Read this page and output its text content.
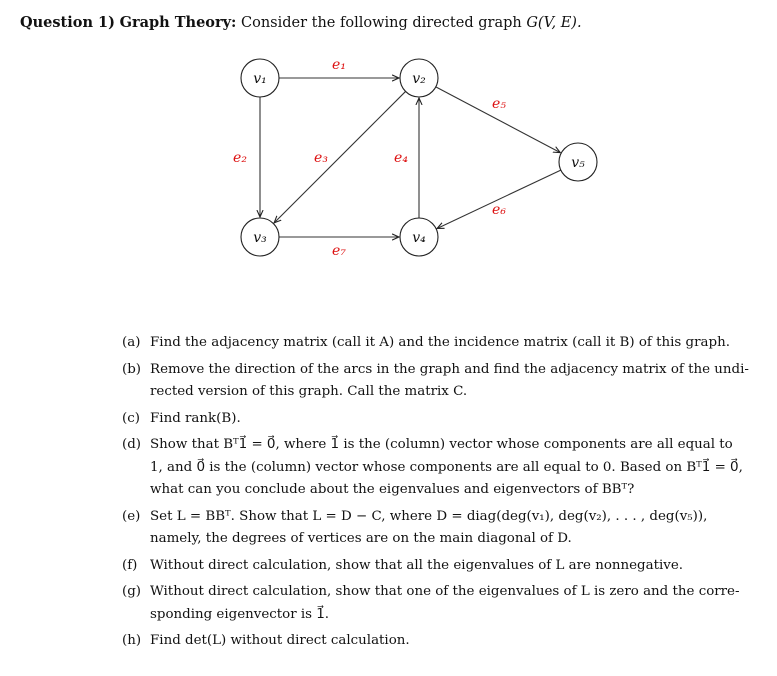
Question 1) Graph Theory: Consider the following directed graph G(V, E).
e₁
e₂	e₃	e₄
e₅
e₆
e₇
v₁	v₂
v₃	v₄
v₅
(a) Find the adjacency matrix (call it A) and the incidence matrix (call it B) of this graph.
(b) Remove the direction of the arcs in the graph and find the adjacency matrix of the undi-
rected version of this graph. Call the matrix C.
(c) Find rank(B).
(d) Show that Bᵀ1⃗ = 0⃗, where 1⃗ is the (column) vector whose components are all equal to
1, and 0⃗ is the (column) vector whose components are all equal to 0. Based on Bᵀ1⃗ = 0⃗,
what can you conclude about the eigenvalues and eigenvectors of BBᵀ?
(e) Set L = BBᵀ. Show that L = D − C, where D = diag(deg(v₁), deg(v₂), . . . , deg(v₅)),
namely, the degrees of vertices are on the main diagonal of D.
(f) Without direct calculation, show that all the eigenvalues of L are nonnegative.
(g) Without direct calculation, show that one of the eigenvalues of L is zero and the corre-
sponding eigenvector is 1⃗.
(h) Find det(L) without direct calculation.
